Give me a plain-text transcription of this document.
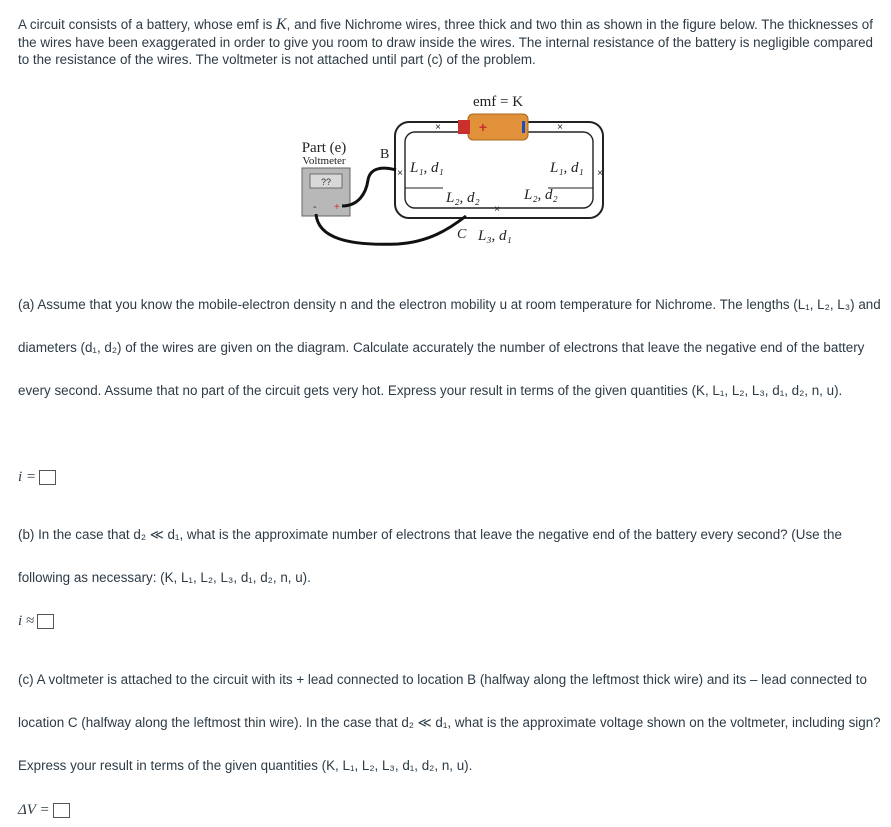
A circuit consists of a battery, whose emf is K, and five Nichrome wires, three thick and two thin as shown in the figure below. The thicknesses of the wires have been exaggerated in order to give you room to draw inside the wires. The internal resistance of the battery is negligible compared to the resistance of the wires. The voltmeter is not attached until part (c) of the problem.

emf = K
+
×	×
×	×
×
L₁, d₁	L₁, d₁
L₂, d₂	L₂, d₂
L₃, d₁
B
C
Part (e)
Voltmeter
??
- +

(a) Assume that you know the mobile-electron density n and the electron mobility u at room temperature for Nichrome. The lengths (L₁, L₂, L₃) and diameters (d₁, d₂) of the wires are given on the diagram. Calculate accurately the number of electrons that leave the negative end of the battery every second. Assume that no part of the circuit gets very hot. Express your result in terms of the given quantities (K, L₁, L₂, L₃, d₁, d₂, n, u).

i =

(b) In the case that d₂ ≪ d₁, what is the approximate number of electrons that leave the negative end of the battery every second? (Use the following as necessary: (K, L₁, L₂, L₃, d₁, d₂, n, u).

i ≈

(c) A voltmeter is attached to the circuit with its + lead connected to location B (halfway along the leftmost thick wire) and its – lead connected to location C (halfway along the leftmost thin wire). In the case that d₂ ≪ d₁, what is the approximate voltage shown on the voltmeter, including sign? Express your result in terms of the given quantities (K, L₁, L₂, L₃, d₁, d₂, n, u).

ΔV =
